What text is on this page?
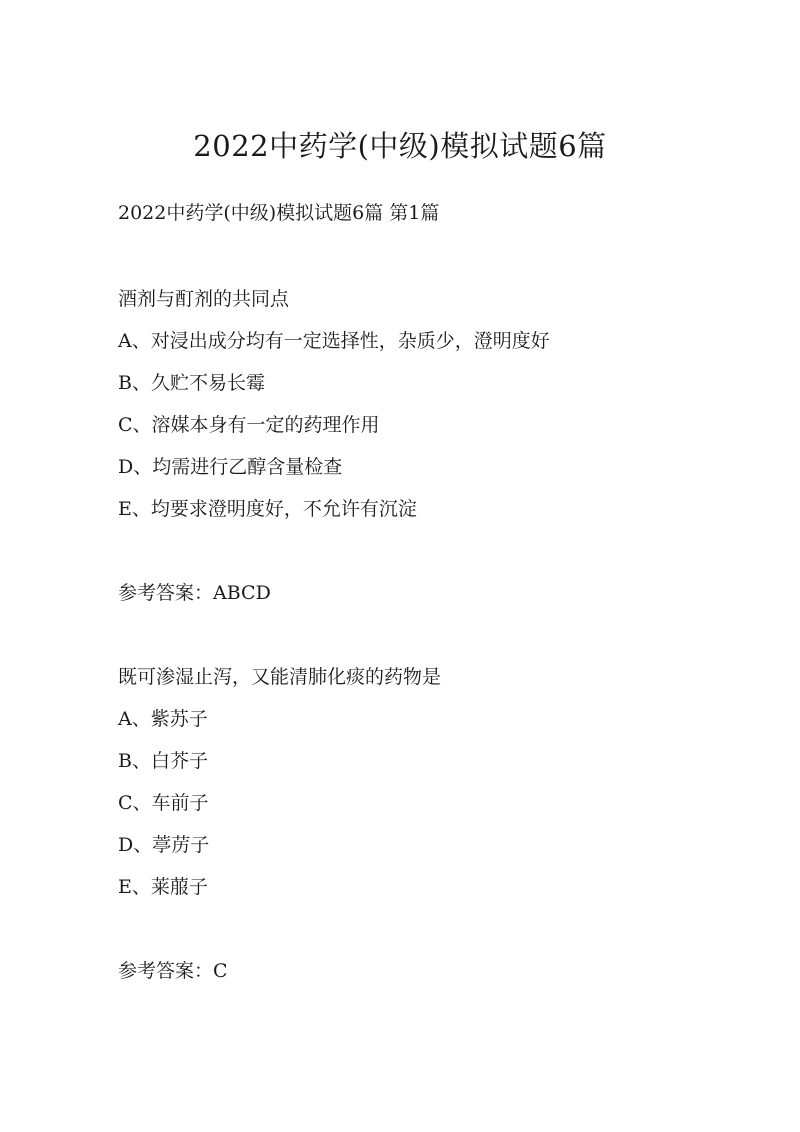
2022中药学(中级)模拟试题6篇

2022中药学(中级)模拟试题6篇 第1篇

酒剂与酊剂的共同点

A、对浸出成分均有一定选择性，杂质少，澄明度好

B、久贮不易长霉

C、溶媒本身有一定的药理作用

D、均需进行乙醇含量检查

E、均要求澄明度好，不允许有沉淀

参考答案：ABCD

既可渗湿止泻，又能清肺化痰的药物是

A、紫苏子

B、白芥子

C、车前子

D、葶苈子

E、莱菔子

参考答案：C
